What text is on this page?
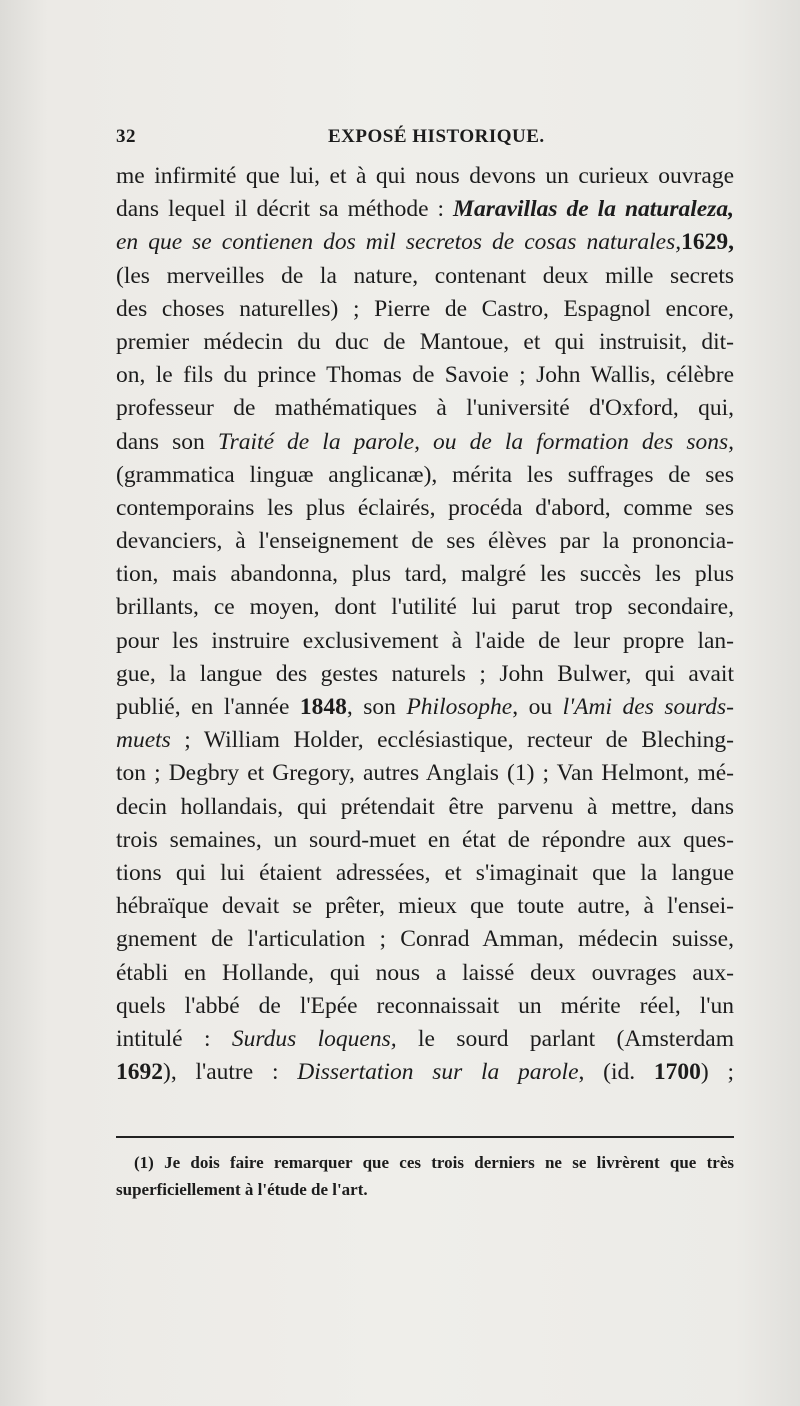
32	EXPOSÉ HISTORIQUE.
me infirmité que lui, et à qui nous devons un curieux ouvrage
dans lequel il décrit sa méthode : Maravillas de la naturaleza,
en que se contienen dos mil secretos de cosas naturales,1629,
(les merveilles de la nature, contenant deux mille secrets
des choses naturelles) ; Pierre de Castro, Espagnol encore,
premier médecin du duc de Mantoue, et qui instruisit, dit-
on, le fils du prince Thomas de Savoie ; John Wallis, célèbre
professeur de mathématiques à l'université d'Oxford, qui,
dans son Traité de la parole, ou de la formation des sons,
(grammatica linguæ anglicanæ), mérita les suffrages de ses
contemporains les plus éclairés, procéda d'abord, comme ses
devanciers, à l'enseignement de ses élèves par la prononcia-
tion, mais abandonna, plus tard, malgré les succès les plus
brillants, ce moyen, dont l'utilité lui parut trop secondaire,
pour les instruire exclusivement à l'aide de leur propre lan-
gue, la langue des gestes naturels ; John Bulwer, qui avait
publié, en l'année 1848, son Philosophe, ou l'Ami des sourds-
muets ; William Holder, ecclésiastique, recteur de Bleching-
ton ; Degbry et Gregory, autres Anglais (1) ; Van Helmont, mé-
decin hollandais, qui prétendait être parvenu à mettre, dans
trois semaines, un sourd-muet en état de répondre aux ques-
tions qui lui étaient adressées, et s'imaginait que la langue
hébraïque devait se prêter, mieux que toute autre, à l'ensei-
gnement de l'articulation ; Conrad Amman, médecin suisse,
établi en Hollande, qui nous a laissé deux ouvrages aux-
quels l'abbé de l'Epée reconnaissait un mérite réel, l'un
intitulé : Surdus loquens, le sourd parlant (Amsterdam
1692), l'autre : Dissertation sur la parole, (id. 1700) ;
(1) Je dois faire remarquer que ces trois derniers ne se livrèrent que très
superficiellement à l'étude de l'art.
